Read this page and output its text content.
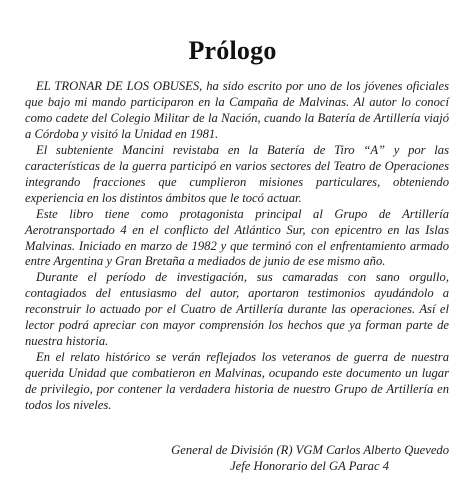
Prólogo

EL TRONAR DE LOS OBUSES, ha sido escrito por uno de los jóvenes oficiales que bajo mi mando participaron en la Campaña de Malvinas. Al autor lo conocí como cadete del Colegio Militar de la Nación, cuando la Batería de Artillería viajó a Córdoba y visitó la Unidad en 1981.

El subteniente Mancini revistaba en la Batería de Tiro “A” y por las características de la guerra participó en varios sectores del Teatro de Operaciones integrando fracciones que cumplieron misiones particulares, obteniendo experiencia en los distintos ámbitos que le tocó actuar.

Este libro tiene como protagonista principal al Grupo de Artillería Aerotransportado 4 en el conflicto del Atlántico Sur, con epicentro en las Islas Malvinas. Iniciado en marzo de 1982 y que terminó con el enfrentamiento armado entre Argentina y Gran Bretaña a mediados de junio de ese mismo año.

Durante el período de investigación, sus camaradas con sano orgullo, contagiados del entusiasmo del autor, aportaron testimonios ayudándolo a reconstruir lo actuado por el Cuatro de Artillería durante las operaciones. Así el lector podrá apreciar con mayor comprensión los hechos que ya forman parte de nuestra historia.

En el relato histórico se verán reflejados los veteranos de guerra de nuestra querida Unidad que combatieron en Malvinas, ocupando este documento un lugar de privilegio, por contener la verdadera historia de nuestro Grupo de Artillería en todos los niveles.

General de División (R) VGM Carlos Alberto Quevedo
Jefe Honorario del GA Parac 4
